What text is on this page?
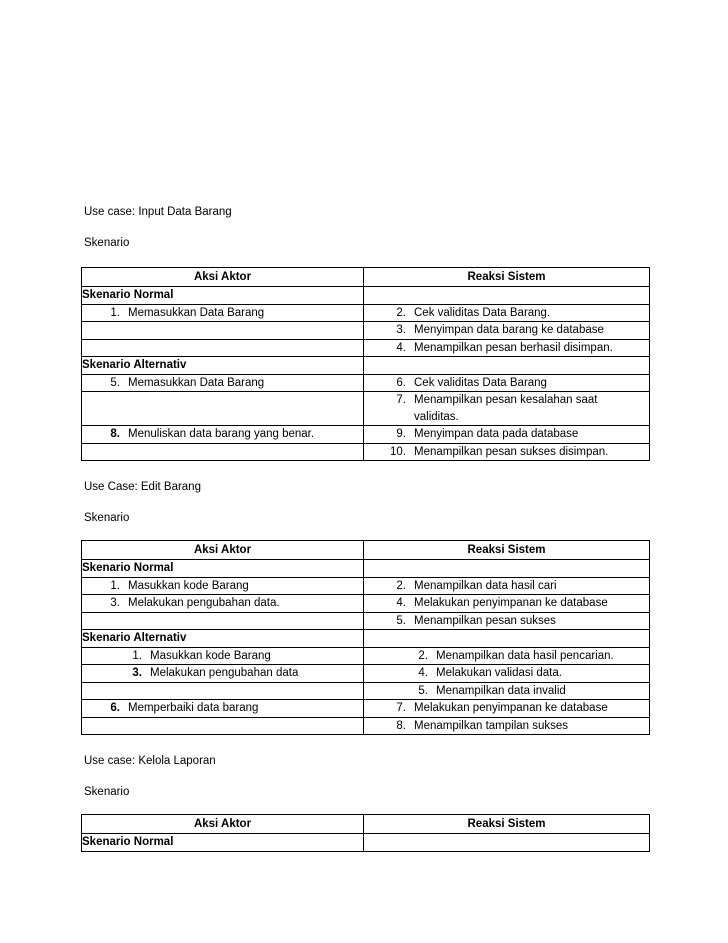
Use case: Input Data Barang
Skenario
Aksi Aktor	Reaksi Sistem
Skenario Normal	

1. Memasukkan Data Barang	2. Cek validitas Data Barang.

	3. Menyimpan data barang ke database

	4. Menampilkan pesan berhasil disimpan.

Skenario Alternativ	

5. Memasukkan Data Barang	6. Cek validitas Data Barang

	7. Menampilkan pesan kesalahan saat validitas.

8. Menuliskan data barang yang benar.	9. Menyimpan data pada database

	10. Menampilkan pesan sukses disimpan.
Use Case: Edit Barang
Skenario
Aksi Aktor	Reaksi Sistem
Skenario Normal	

1. Masukkan kode Barang	2. Menampilkan data hasil cari

3. Melakukan pengubahan data.	4. Melakukan penyimpanan ke database

	5. Menampilkan pesan sukses

Skenario Alternativ	

1. Masukkan kode Barang	2. Menampilkan data hasil pencarian.

3. Melakukan pengubahan data	4. Melakukan validasi data.

	5. Menampilkan data invalid

6. Memperbaiki data barang	7. Melakukan penyimpanan ke database

	8. Menampilkan tampilan sukses
Use case: Kelola Laporan
Skenario
Aksi Aktor	Reaksi Sistem
Skenario Normal	
